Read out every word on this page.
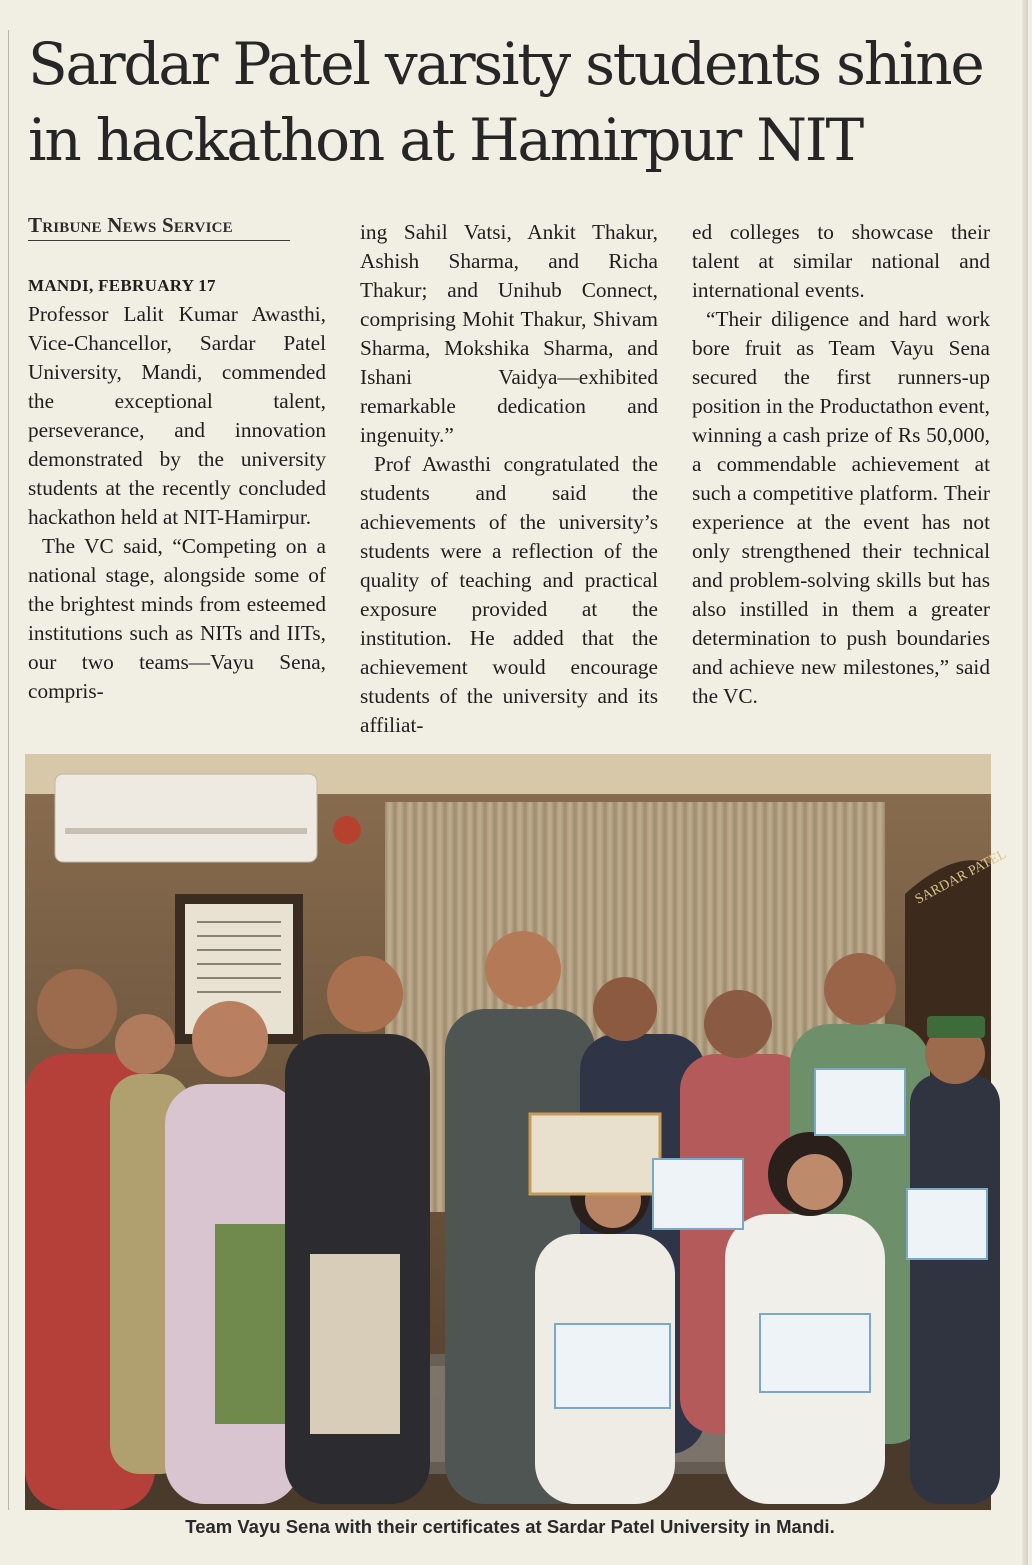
Sardar Patel varsity students shine in hackathon at Hamirpur NIT
Tribune News Service

MANDI, FEBRUARY 17
Professor Lalit Kumar Awasthi, Vice-Chancellor, Sardar Patel University, Mandi, commended the exceptional talent, perseverance, and innovation demonstrated by the university students at the recently concluded hackathon held at NIT-Hamirpur.

The VC said, “Competing on a national stage, alongside some of the brightest minds from esteemed institutions such as NITs and IITs, our two teams—Vayu Sena, compris-

ing Sahil Vatsi, Ankit Thakur, Ashish Sharma, and Richa Thakur; and Unihub Connect, comprising Mohit Thakur, Shivam Sharma, Mokshika Sharma, and Ishani Vaidya—exhibited remarkable dedication and ingenuity.”

Prof Awasthi congratulated the students and said the achievements of the university’s students were a reflection of the quality of teaching and practical exposure provided at the institution. He added that the achievement would encourage students of the university and its affiliat-

ed colleges to showcase their talent at similar national and international events.

“Their diligence and hard work bore fruit as Team Vayu Sena secured the first runners-up position in the Productathon event, winning a cash prize of Rs 50,000, a commendable achievement at such a competitive platform. Their experience at the event has not only strengthened their technical and problem-solving skills but has also instilled in them a greater determination to push boundaries and achieve new milestones,” said the VC.

SARDAR PATEL
Team Vayu Sena with their certificates at Sardar Patel University in Mandi.
